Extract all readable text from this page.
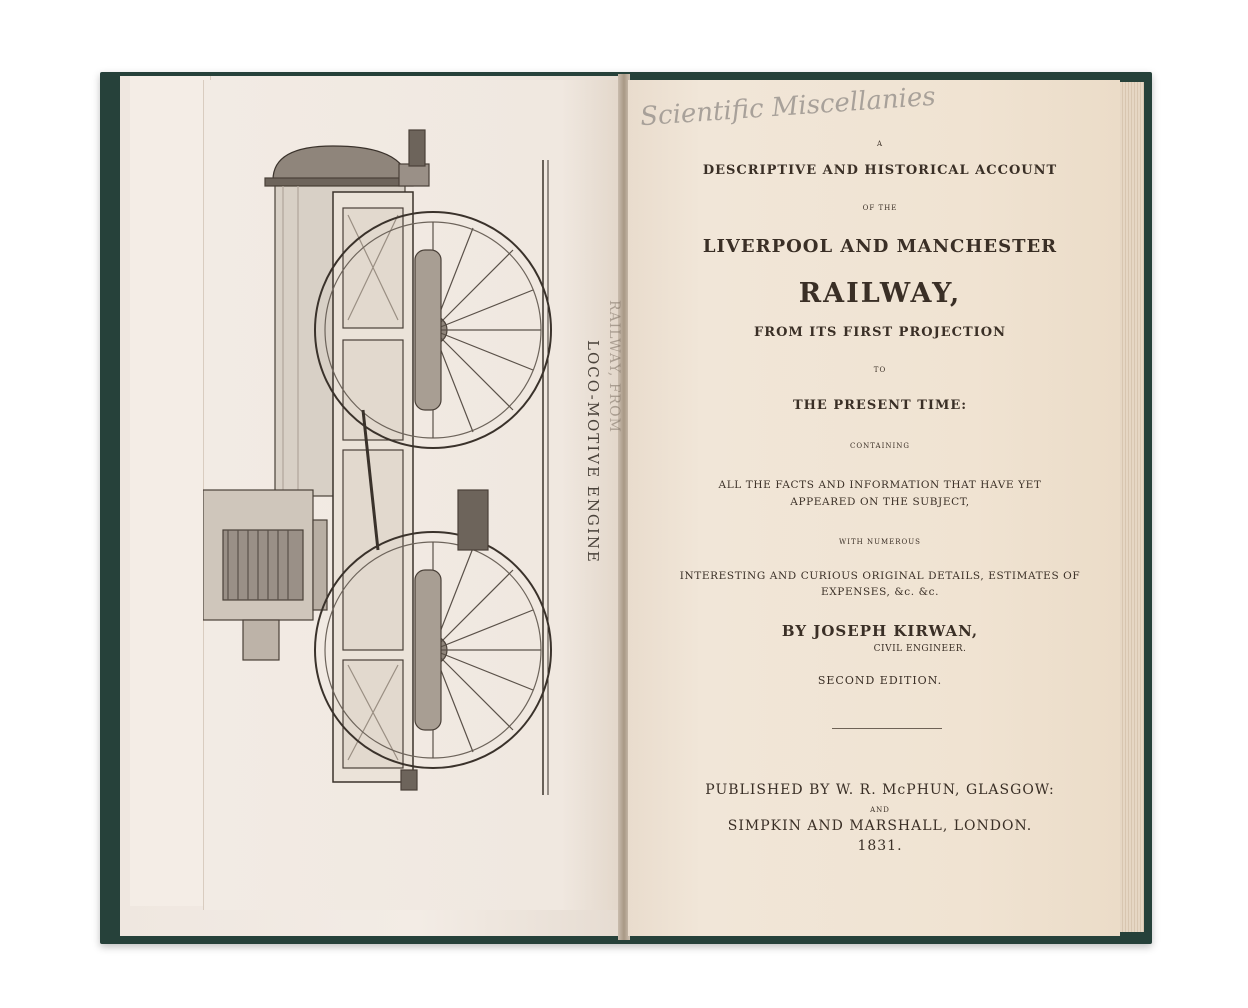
LOCO-MOTIVE ENGINE RAILWAY, FROM
Scientific Miscellanies
A
DESCRIPTIVE AND HISTORICAL ACCOUNT
OF THE
LIVERPOOL AND MANCHESTER
RAILWAY,
FROM ITS FIRST PROJECTION
TO
THE PRESENT TIME:
CONTAINING
ALL THE FACTS AND INFORMATION THAT HAVE YET
APPEARED ON THE SUBJECT,
WITH NUMEROUS
INTERESTING AND CURIOUS ORIGINAL DETAILS, ESTIMATES OF
EXPENSES, &c. &c.
BY JOSEPH KIRWAN,
CIVIL ENGINEER.
SECOND EDITION.
PUBLISHED BY W. R. McPHUN, GLASGOW:
AND
SIMPKIN AND MARSHALL, LONDON.
1831.
